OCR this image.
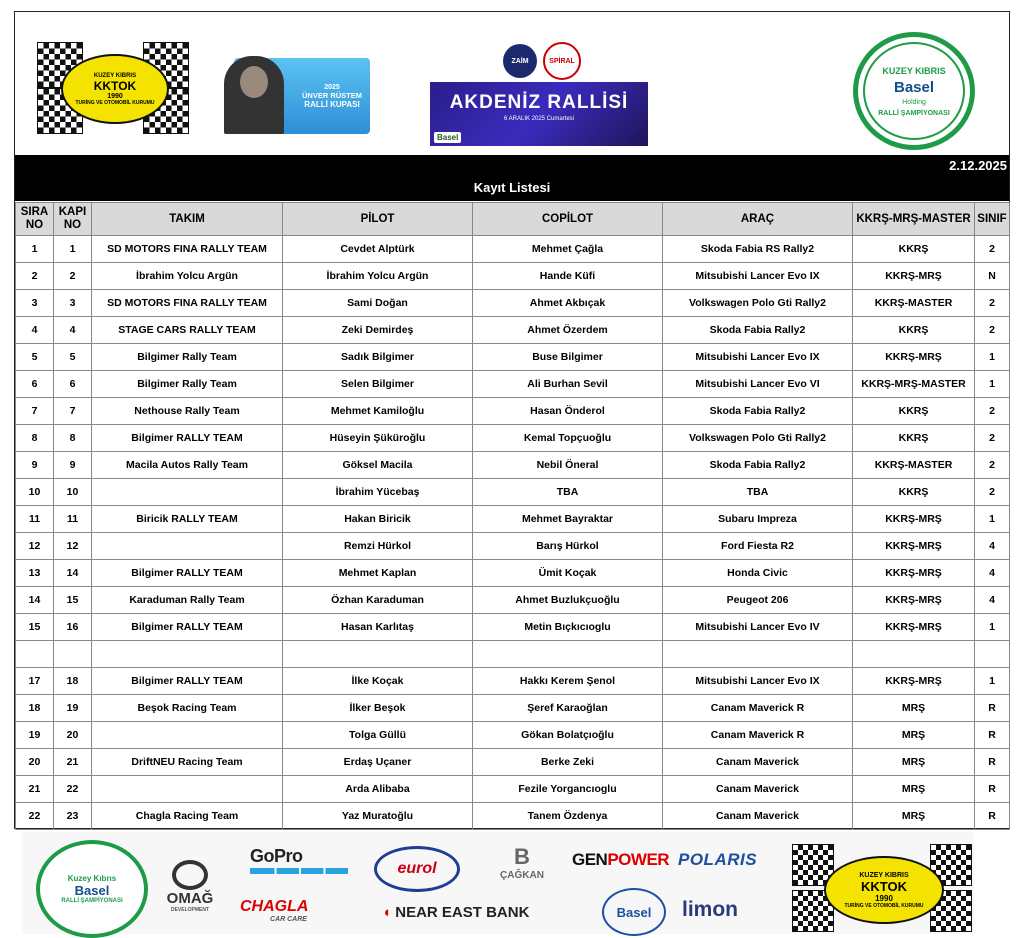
KUZEY KIBRIS
KKTOK
1990
TURİNG VE OTOMOBİL KURUMU
2025
ÜNVER RÜSTEM
RALLİ KUPASI
ZAİM	SPİRAL
AKDENİZ RALLİSİ
6 ARALIK 2025 Cumartesi
Basel
KUZEY KIBRIS
Basel
Holding
RALLİ ŞAMPİYONASI
2.12.2025
Kayıt Listesi
SIRA NO	KAPI NO	TAKIM	PİLOT	COPİLOT	ARAÇ	KKRŞ-MRŞ-MASTER	SINIF
1	1	SD MOTORS FINA RALLY TEAM	Cevdet Alptürk	Mehmet Çağla	Skoda Fabia RS Rally2	KKRŞ	2
2	2	İbrahim Yolcu Argün	İbrahim Yolcu Argün	Hande Küfi	Mitsubishi Lancer Evo IX	KKRŞ-MRŞ	N
3	3	SD MOTORS FINA RALLY TEAM	Sami Doğan	Ahmet Akbıçak	Volkswagen Polo Gti Rally2	KKRŞ-MASTER	2
4	4	STAGE CARS RALLY TEAM	Zeki Demirdeş	Ahmet Özerdem	Skoda Fabia Rally2	KKRŞ	2
5	5	Bilgimer Rally Team	Sadık Bilgimer	Buse Bilgimer	Mitsubishi Lancer Evo IX	KKRŞ-MRŞ	1
6	6	Bilgimer Rally Team	Selen Bilgimer	Ali Burhan Sevil	Mitsubishi Lancer Evo VI	KKRŞ-MRŞ-MASTER	1
7	7	Nethouse Rally Team	Mehmet Kamiloğlu	Hasan Önderol	Skoda Fabia Rally2	KKRŞ	2
8	8	Bilgimer RALLY TEAM	Hüseyin Şüküroğlu	Kemal Topçuoğlu	Volkswagen Polo Gti Rally2	KKRŞ	2
9	9	Macila Autos Rally Team	Göksel Macila	Nebil Öneral	Skoda Fabia Rally2	KKRŞ-MASTER	2
10	10		İbrahim Yücebaş	TBA	TBA	KKRŞ	2
11	11	Biricik RALLY TEAM	Hakan Biricik	Mehmet Bayraktar	Subaru Impreza	KKRŞ-MRŞ	1
12	12		Remzi Hürkol	Barış Hürkol	Ford Fiesta R2	KKRŞ-MRŞ	4
13	14	Bilgimer RALLY TEAM	Mehmet Kaplan	Ümit Koçak	Honda Civic	KKRŞ-MRŞ	4
14	15	Karaduman Rally Team	Özhan Karaduman	Ahmet Buzlukçuoğlu	Peugeot 206	KKRŞ-MRŞ	4
15	16	Bilgimer RALLY TEAM	Hasan Karlıtaş	Metin Bıçkıcıoglu	Mitsubishi Lancer Evo IV	KKRŞ-MRŞ	1

17	18	Bilgimer RALLY TEAM	İlke Koçak	Hakkı Kerem Şenol	Mitsubishi Lancer Evo IX	KKRŞ-MRŞ	1
18	19	Beşok Racing Team	İlker Beşok	Şeref Karaoğlan	Canam Maverick R	MRŞ	R
19	20		Tolga Güllü	Gökan Bolatçıoğlu	Canam Maverick R	MRŞ	R
20	21	DriftNEU Racing Team	Erdaş Uçaner	Berke Zeki	Canam Maverick	MRŞ	R
21	22		Arda Alibaba	Fezile Yorgancıoglu	Canam Maverick	MRŞ	R
22	23	Chagla Racing Team	Yaz Muratoğlu	Tanem Özdenya	Canam Maverick	MRŞ	R
Kuzey Kıbrıs
Basel
RALLİ ŞAMPİYONASI	OMAĞ
DEVELOPMENT
GoPro
eurol	B
ÇAĞKAN
GENPOWER POLARIS
CHAGLA
CAR CARE	◖ NEAR EAST BANK	Basel limon
KUZEY KIBRIS
KKTOK
1990
TURİNG VE OTOMOBİL KURUMU
